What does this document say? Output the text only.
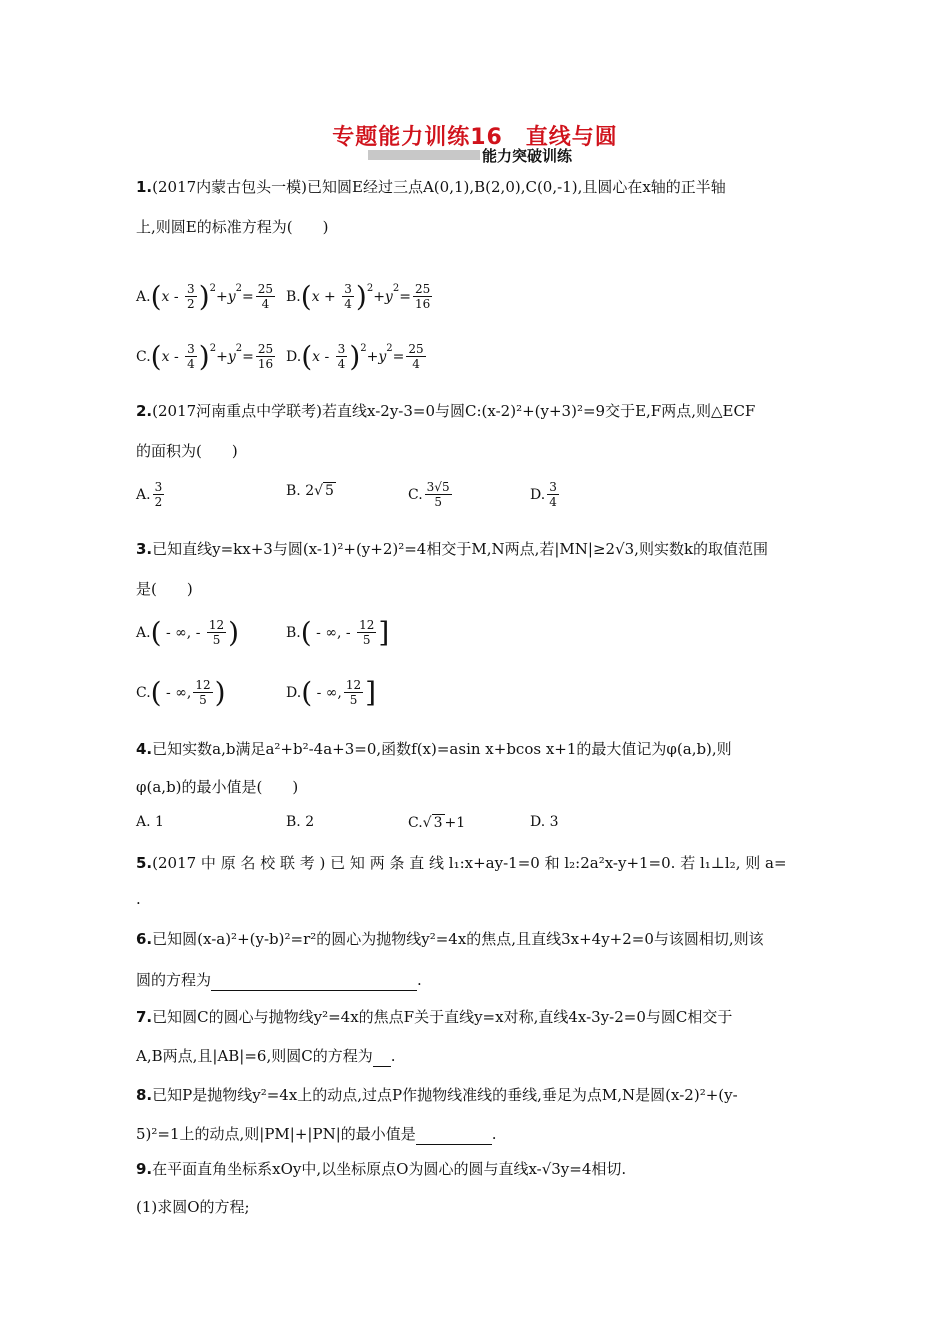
专题能力训练16　直线与圆
能力突破训练
1.(2017内蒙古包头一模)已知圆E经过三点A(0,1),B(2,0),C(0,-1),且圆心在x轴的正半轴
上,则圆E的标准方程为(　　)
A. ( x - $\frac{3}{2}$ ) 2 + y $2 = \frac{25}{4} B$. ( $x + \frac{3}{4}$ ) 2 + y $2 = \frac{25}{16}$
C. ( x - $\frac{3}{4}$ ) 2 + y $2 = \frac{25}{16} D$. ( x - $\frac{3}{4}$ ) 2 + y $2 = \frac{25}{4}$
2.(2017河南重点中学联考)若直线x-2y-3=0与圆C:(x-2)²+(y+3)²=9交于E,F两点,则△ECF
的面积为(　　)
A. $\frac{3}{2}$	B. 2 √ 5	C. $\frac{3√5}{5}$	D. $\frac{3}{4}$
3.已知直线y=kx+3与圆(x-1)²+(y+2)²=4相交于M,N两点,若|MN|≥2√3,则实数k的取值范围
是(　　)
A. ( - ∞, - $\frac{12}{5}$ )	B. ( - ∞, - $\frac{12}{5}$ ]
C. ( - ∞, $\frac{12}{5}$ )	D. ( - ∞, $\frac{12}{5}$ ]
4.已知实数a,b满足a²+b²-4a+3=0,函数f(x)=asin x+bcos x+1的最大值记为φ(a,b),则
φ(a,b)的最小值是(　　)
A. 1	B. 2	C. √ 3 +1	D. 3
5.(2017 中 原 名 校 联 考 ) 已 知 两 条 直 线 l₁:x+ay-1=0 和 l₂:2a²x-y+1=0. 若 l₁⊥l₂, 则 a=
.
6.已知圆(x-a)²+(y-b)²=r²的圆心为抛物线y²=4x的焦点,且直线3x+4y+2=0与该圆相切,则该
圆的方程为	.
7.已知圆C的圆心与抛物线y²=4x的焦点F关于直线y=x对称,直线4x-3y-2=0与圆C相交于
A,B两点,且|AB|=6,则圆C的方程为 .
8.已知P是抛物线y²=4x上的动点,过点P作抛物线准线的垂线,垂足为点M,N是圆(x-2)²+(y-
5)²=1上的动点,则|PM|+|PN|的最小值是	.
9.在平面直角坐标系xOy中,以坐标原点O为圆心的圆与直线x-√3y=4相切.
(1)求圆O的方程;
